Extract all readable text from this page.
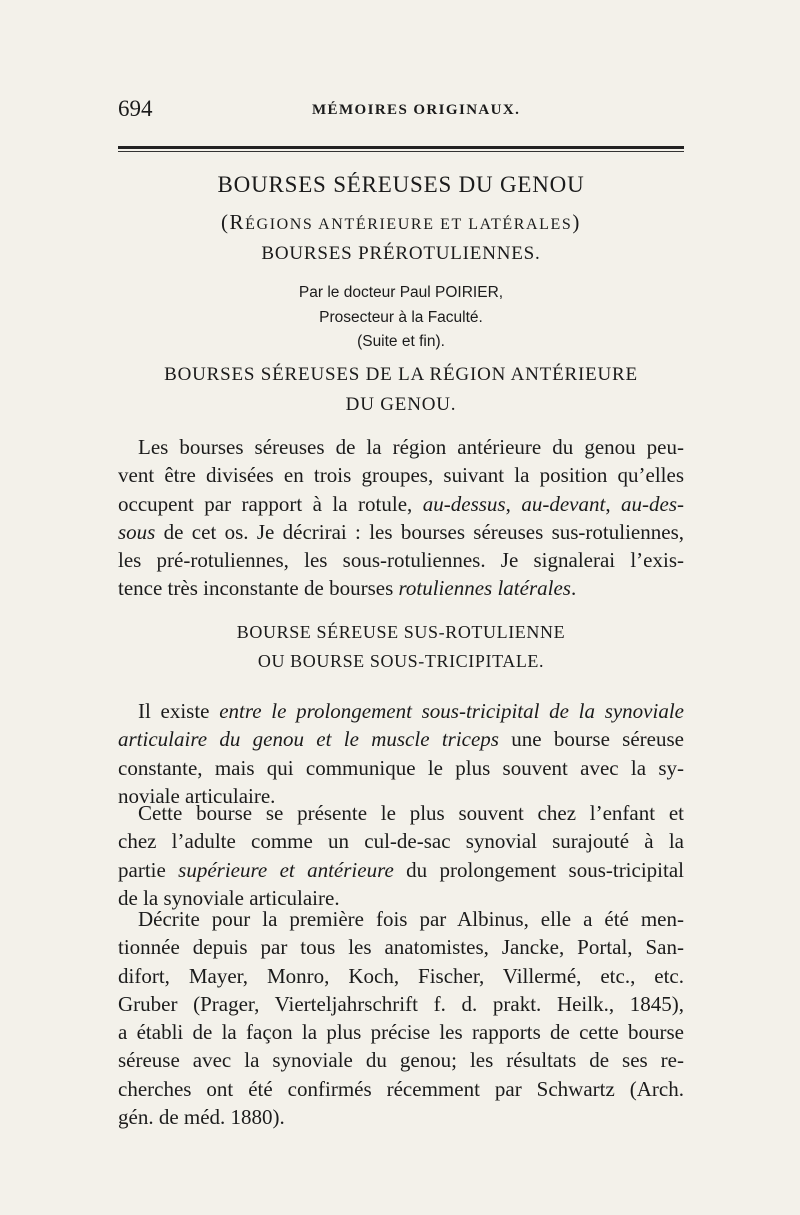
694	MÉMOIRES ORIGINAUX.
BOURSES SÉREUSES DU GENOU
(RÉGIONS ANTÉRIEURE ET LATÉRALES)
BOURSES PRÉROTULIENNES.
Par le docteur Paul POIRIER,
Prosecteur à la Faculté.
(Suite et fin).
BOURSES SÉREUSES DE LA RÉGION ANTÉRIEURE
DU GENOU.
Les bourses séreuses de la région antérieure du genou peu-
vent être divisées en trois groupes, suivant la position qu’elles
occupent par rapport à la rotule, au-dessus, au-devant, au-des-
sous de cet os. Je décrirai : les bourses séreuses sus-rotuliennes,
les pré-rotuliennes, les sous-rotuliennes. Je signalerai l’exis-
tence très inconstante de bourses rotuliennes latérales.
BOURSE SÉREUSE SUS-ROTULIENNE
OU BOURSE SOUS-TRICIPITALE.
Il existe entre le prolongement sous-tricipital de la synoviale
articulaire du genou et le muscle triceps une bourse séreuse
constante, mais qui communique le plus souvent avec la sy-
noviale articulaire.
Cette bourse se présente le plus souvent chez l’enfant et
chez l’adulte comme un cul-de-sac synovial surajouté à la
partie supérieure et antérieure du prolongement sous-tricipital
de la synoviale articulaire.
Décrite pour la première fois par Albinus, elle a été men-
tionnée depuis par tous les anatomistes, Jancke, Portal, San-
difort, Mayer, Monro, Koch, Fischer, Villermé, etc., etc.
Gruber (Prager, Vierteljahrschrift f. d. prakt. Heilk., 1845),
a établi de la façon la plus précise les rapports de cette bourse
séreuse avec la synoviale du genou; les résultats de ses re-
cherches ont été confirmés récemment par Schwartz (Arch.
gén. de méd. 1880).
